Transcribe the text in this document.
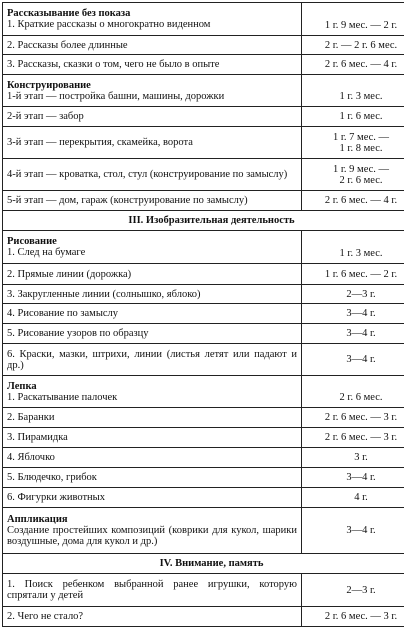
Рассказывание без показа
1. Краткие рассказы о многократно виденном	1 г. 9 мес. — 2 г.

2. Рассказы более длинные	2 г. — 2 г. 6 мес.

3. Рассказы, сказки о том, чего не было в опыте	2 г. 6 мес. — 4 г.

Конструирование
1-й этап — постройка башни, машины, дорожки	1 г. 3 мес.

2-й этап — забор	1 г. 6 мес.

3-й этап — перекрытия, скамейка, ворота	1 г. 7 мес. —
1 г. 8 мес.

4-й этап — кроватка, стол, стул (конструирование по замыслу)	1 г. 9 мес. —
2 г. 6 мес.

5-й этап — дом, гараж (конструирование по замыслу)	2 г. 6 мес. — 4 г.
III. Изобразительная деятельность	

Рисование
1. След на бумаге	1 г. 3 мес.

2. Прямые линии (дорожка)	1 г. 6 мес. — 2 г.

3. Закругленные линии (солнышко, яблоко)	2—3 г.

4. Рисование по замыслу	3—4 г.

5. Рисование узоров по образцу	3—4 г.

6. Краски, мазки, штрихи, линии (листья летят или падают и др.)	3—4 г.

Лепка
1. Раскатывание палочек	2 г. 6 мес.

2. Баранки	2 г. 6 мес. — 3 г.

3. Пирамидка	2 г. 6 мес. — 3 г.

4. Яблочко	3 г.

5. Блюдечко, грибок	3—4 г.

6. Фигурки животных	4 г.

Аппликация
Создание простейших композиций (коврики для кукол, шарики воздушные, дома для кукол и др.)	3—4 г.
IV. Внимание, память	

1. Поиск ребенком выбранной ранее игрушки, которую спрятали у детей	2—3 г.

2. Чего не стало?	2 г. 6 мес. — 3 г.
